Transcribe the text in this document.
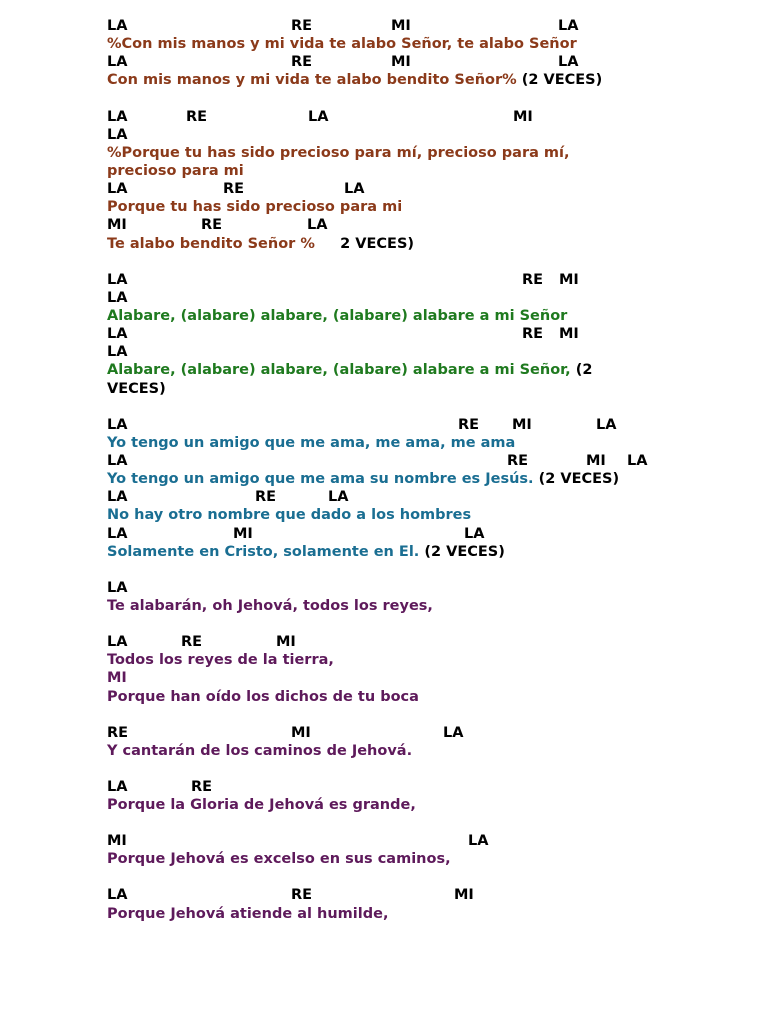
LA	RE	MI	LA
%Con mis manos y mi vida te alabo Señor, te alabo Señor
LA	RE	MI	LA
Con mis manos y mi vida te alabo bendito Señor% (2 VECES)
LA	RE	LA	MI
LA
%Porque tu has sido precioso para mí, precioso para mí,
precioso para mi
LA	RE	LA
Porque tu has sido precioso para mi
MI	RE	LA
Te alabo bendito Señor %     2 VECES)
LA	RE MI
LA
Alabare, (alabare) alabare, (alabare) alabare a mi Señor
LA	RE MI
LA
Alabare, (alabare) alabare, (alabare) alabare a mi Señor, (2
VECES)
LA	RE MI	LA
Yo tengo un amigo que me ama, me ama, me ama
LA	RE	MI LA
Yo tengo un amigo que me ama su nombre es Jesús. (2 VECES)
LA	RE	LA
No hay otro nombre que dado a los hombres
LA	MI	LA
Solamente en Cristo, solamente en El. (2 VECES)
LA
Te alabarán, oh Jehová, todos los reyes,
LA	RE	MI
Todos los reyes de la tierra,
MI
Porque han oído los dichos de tu boca
RE	MI	LA
Y cantarán de los caminos de Jehová.
LA	RE
Porque la Gloria de Jehová es grande,
MI	LA
Porque Jehová es excelso en sus caminos,
LA	RE	MI
Porque Jehová atiende al humilde,
